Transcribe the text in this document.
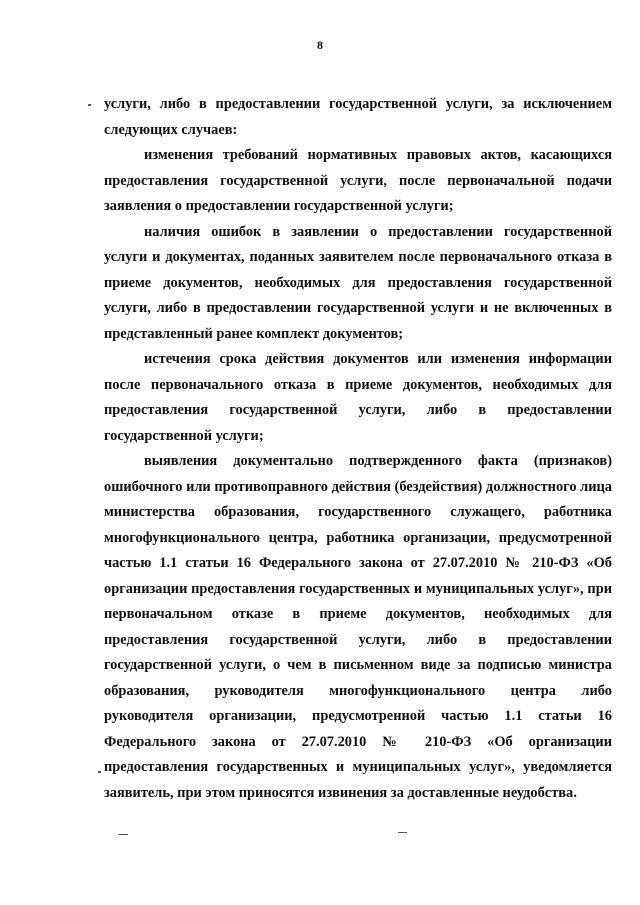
8

услуги, либо в предоставлении государственной услуги, за исключением следующих случаев:

изменения требований нормативных правовых актов, касающихся предоставления государственной услуги, после первоначальной подачи заявления о предоставлении государственной услуги;

наличия ошибок в заявлении о предоставлении государственной услуги и документах, поданных заявителем после первоначального отказа в приеме документов, необходимых для предоставления государственной услуги, либо в предоставлении государственной услуги и не включенных в представленный ранее комплект документов;

истечения срока действия документов или изменения информации после первоначального отказа в приеме документов, необходимых для предоставления государственной услуги, либо в предоставлении государственной услуги;

выявления документально подтвержденного факта (признаков) ошибочного или противоправного действия (бездействия) должностного лица министерства образования, государственного служащего, работника многофункционального центра, работника организации, предусмотренной частью 1.1 статьи 16 Федерального закона от 27.07.2010 № 210-ФЗ «Об организации предоставления государственных и муниципальных услуг», при первоначальном отказе в приеме документов, необходимых для предоставления государственной услуги, либо в предоставлении государственной услуги, о чем в письменном виде за подписью министра образования, руководителя многофункционального центра либо руководителя организации, предусмотренной частью 1.1 статьи 16 Федерального закона от 27.07.2010 № 210-ФЗ «Об организации предоставления государственных и муниципальных услуг», уведомляется заявитель, при этом приносятся извинения за доставленные неудобства.
